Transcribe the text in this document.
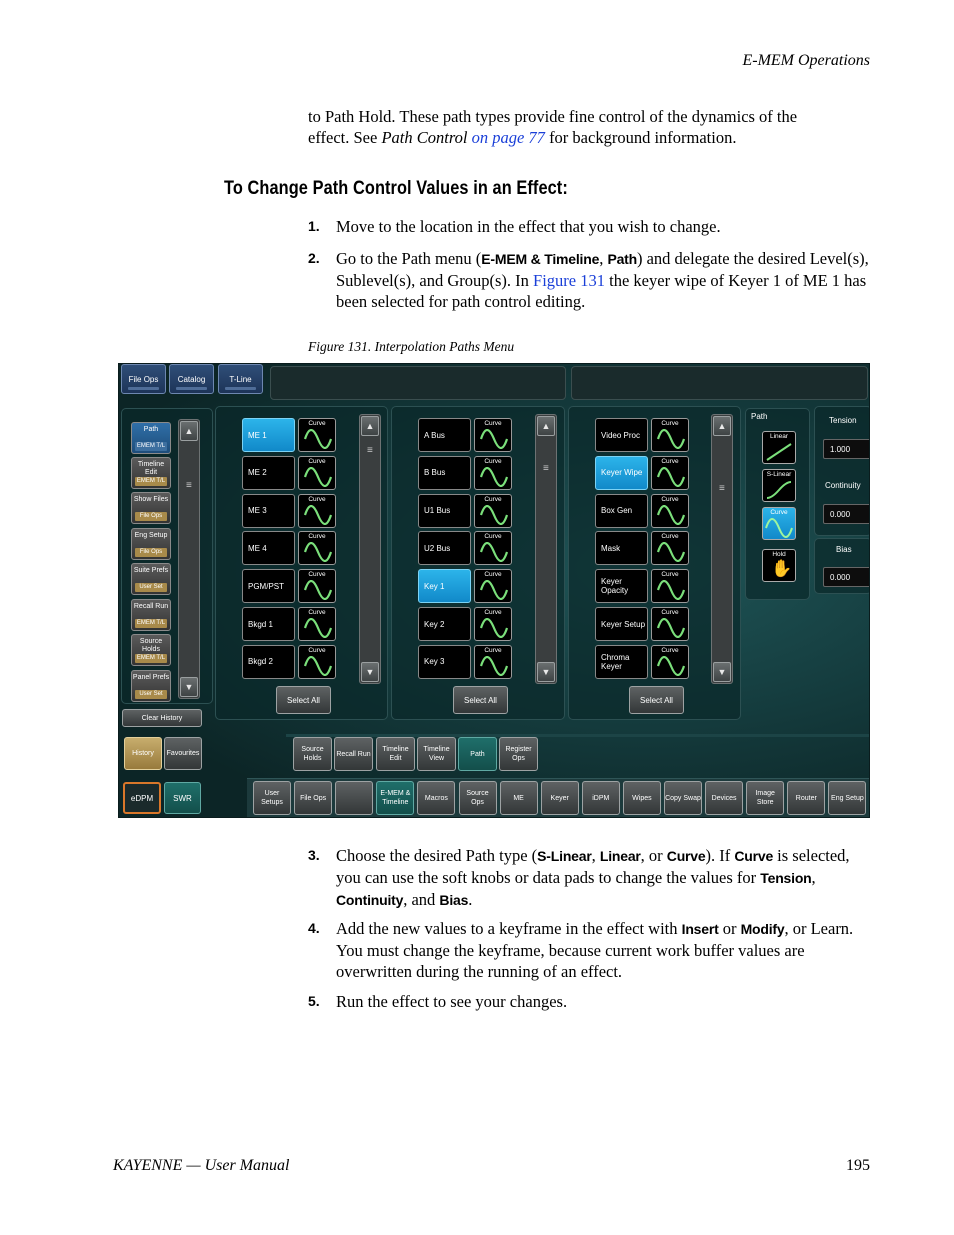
E-MEM Operations
to Path Hold. These path types provide fine control of the dynamics of the
effect. See Path Control on page 77 for background information.
To Change Path Control Values in an Effect:
1. Move to the location in the effect that you wish to change.
2. Go to the Path menu (E-MEM & Timeline, Path) and delegate the desired Level(s), Sublevel(s), and Group(s). In Figure 131 the keyer wipe of Keyer 1 of ME 1 has been selected for path control editing.
Figure 131. Interpolation Paths Menu
File Ops	Catalog	T-Line
Path
EMEM T/L
Timeline Edit
EMEM T/L
Show Files
File Ops
Eng Setup
File Ops
Suite Prefs
User Set
Recall Run
EMEM T/L
Source Holds
EMEM T/L
Panel Prefs
User Set
▲
≡
▼
Clear History
History	Favourites
eDPM	SWR
ME 1
Curve
ME 2
Curve
ME 3
Curve
ME 4
Curve
PGM/PST
Curve
Bkgd 1
Curve
Bkgd 2
Curve
A Bus
Curve
B Bus
Curve
U1 Bus
Curve
U2 Bus
Curve
Key 1
Curve
Key 2
Curve
Key 3
Curve
Video Proc
Curve
Keyer Wipe
Curve
Box Gen
Curve
Mask
Curve
Keyer Opacity
Curve
Keyer Setup
Curve
Chroma Keyer
Curve
▲
≡
▼
▲
≡
▼
▲
≡
▼
Select All	Select All	Select All
Path
Linear
S-Linear
Curve
Hold
✋
Tension
1.000
Continuity
0.000
Bias
0.000
Source Holds
Recall Run
Timeline Edit
Timeline View
Path
Register Ops
User Setups
File Ops
E-MEM & Timeline
Macros
Source Ops
ME	Keyer	iDPM	Wipes	Copy Swap	Devices
Image Store
Router	Eng Setup
3. Choose the desired Path type (S-Linear, Linear, or Curve). If Curve is selected, you can use the soft knobs or data pads to change the values for Tension, Continuity, and Bias.
4. Add the new values to a keyframe in the effect with Insert or Modify, or Learn. You must change the keyframe, because current work buffer values are overwritten during the running of an effect.
5. Run the effect to see your changes.
KAYENNE — User Manual	195
